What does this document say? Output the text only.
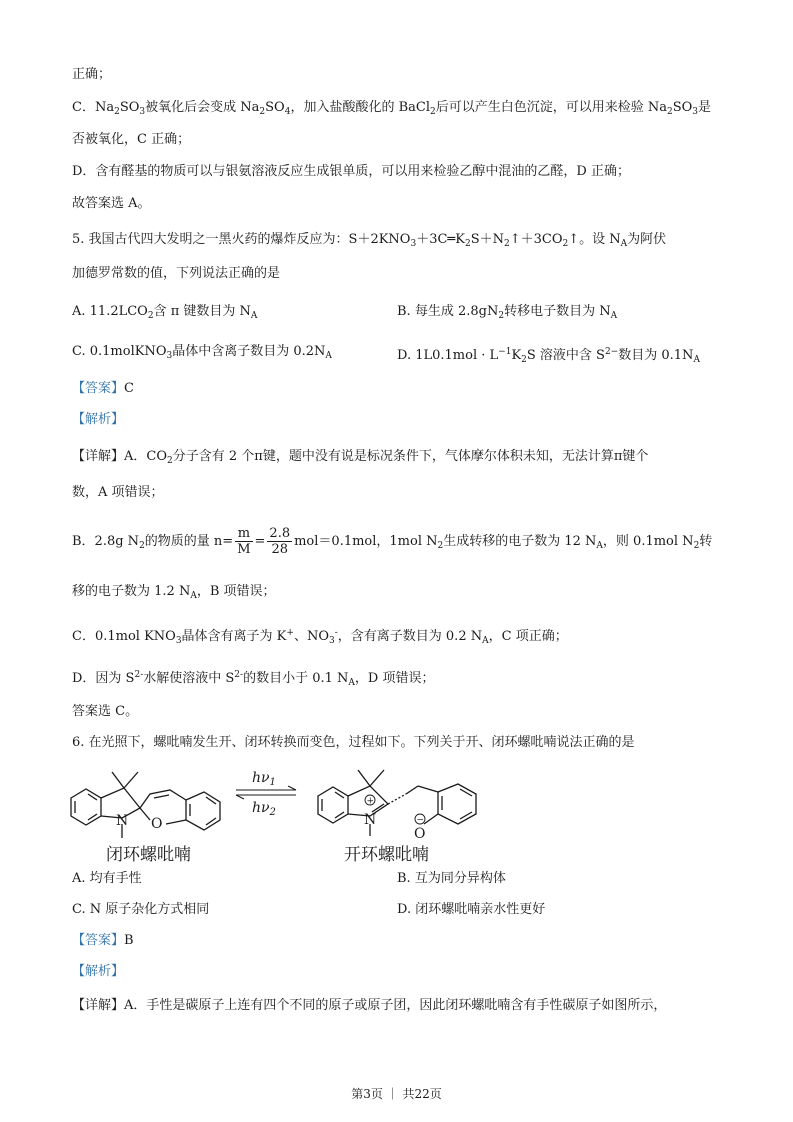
正确；
C．$Na_2SO_3$被氧化后会变成 $Na_2SO_4$，加入盐酸酸化的 BaCl$_2$后可以产生白色沉淀，可以用来检验 $Na_2SO_3$是
否被氧化，C 正确；
D．含有醛基的物质可以与银氨溶液反应生成银单质，可以用来检验乙醇中混油的乙醛，D 正确；
故答案选 A。
5. 我国古代四大发明之一黑火药的爆炸反应为：$S+2KNO_3+3C═K_2S+N_2↑+3CO_2↑$。设 $N_A$为阿伏
加德罗常数的值，下列说法正确的是
A. $11.2LCO_2$含 π 键数目为 $N_A$	B. 每生成 $2.8gN_2$转移电子数目为 $N_A$
C. 0.1molKNO$_3$晶体中含离子数目为 $0.2N_A$	D. $1L0.1mol \cdot L^{-1}K_2S$ 溶液中含 $S^{2-}$数目为 $0.1N_A$
【答案】C
【解析】
【详解】A．$CO_2$分子含有 2 个π键，题中没有说是标况条件下，气体摩尔体积未知，无法计算π键个
数，A 项错误；
B．2.8g $N_2$的物质的量 $n= \frac{m}{M} = \frac{2.8}{28} mol=0.1mol$，1mol $N_2$生成转移的电子数为 12 $N_A$，则 0.1mol $N_2$转
移的电子数为 1.2 $N_A$，B 项错误；
C．0.1mol $KNO_3$晶体含有离子为 K+、$NO_3^-$，含有离子数目为 0.2 $N_A$，C 项正确；
D．因为 $S^{2-}$水解使溶液中 $S^{2-}$的数目小于 0.1 $N_A$，D 项错误；
答案选 C。
6. 在光照下，螺吡喃发生开、闭环转换而变色，过程如下。下列关于开、闭环螺吡喃说法正确的是
N O
$h\nu_1$
$h\nu_2$
+
N	−
O
闭环螺吡喃	开环螺吡喃
A. 均有手性	B. 互为同分异构体
C. N 原子杂化方式相同	D. 闭环螺吡喃亲水性更好
【答案】B
【解析】
【详解】A．手性是碳原子上连有四个不同的原子或原子团，因此闭环螺吡喃含有手性碳原子如图所示，
第3页 ｜ 共22页
